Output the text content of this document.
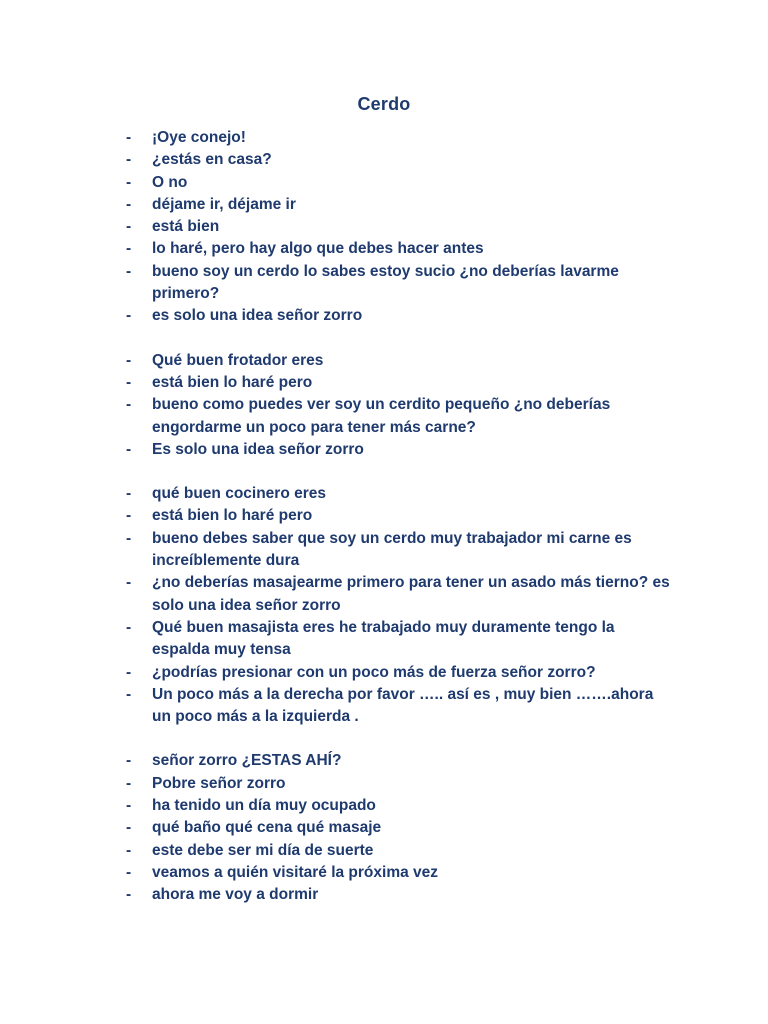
Cerdo
-	¡Oye conejo!
-	¿estás en casa?
-	O no
-	déjame ir, déjame ir
-	está bien
-	lo haré, pero hay algo que debes hacer antes
-	bueno soy un cerdo lo sabes estoy sucio ¿no deberías lavarme primero?
-	es solo una idea señor zorro
-	Qué buen frotador eres
-	está bien lo haré pero
-	bueno como puedes ver soy un cerdito pequeño ¿no deberías engordarme un poco para tener más carne?
-	Es solo una idea señor zorro
-	qué buen cocinero eres
-	está bien lo haré pero
-	bueno debes saber que soy un cerdo muy trabajador mi carne es increíblemente dura
-	¿no deberías masajearme primero para tener un asado más tierno? es solo una idea señor zorro
-	Qué buen masajista eres he trabajado muy duramente tengo la espalda muy tensa
-	¿podrías presionar con un poco más de fuerza señor zorro?
-	Un poco más a la derecha por favor ….. así es , muy bien …….ahora un poco más a la izquierda .
-	señor zorro ¿ESTAS AHÍ?
-	Pobre señor zorro
-	ha tenido un día muy ocupado
-	qué baño qué cena qué masaje
-	este debe ser mi día de suerte
-	veamos a quién visitaré la próxima vez
-	ahora me voy a dormir
